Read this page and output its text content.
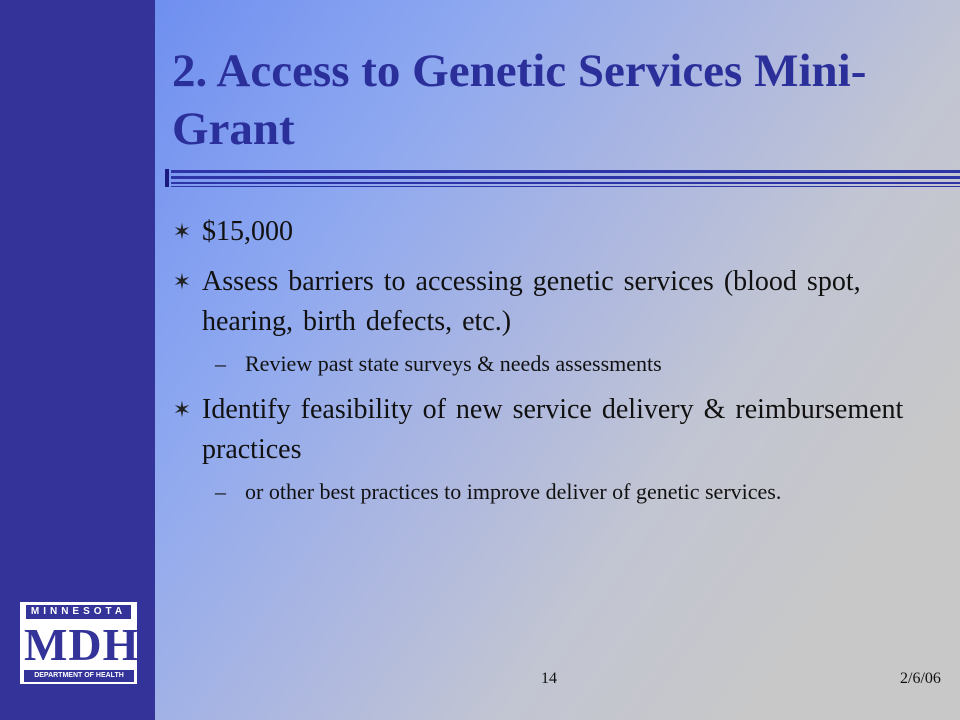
2. Access to Genetic Services Mini-Grant
✶ $15,000
✶ Assess barriers to accessing genetic services (blood spot, hearing, birth defects, etc.)
– Review past state surveys & needs assessments
✶ Identify feasibility of new service delivery & reimbursement practices
– or other best practices to improve deliver of genetic services.
MINNESOTA
MDH
DEPARTMENT OF HEALTH	14	2/6/06
